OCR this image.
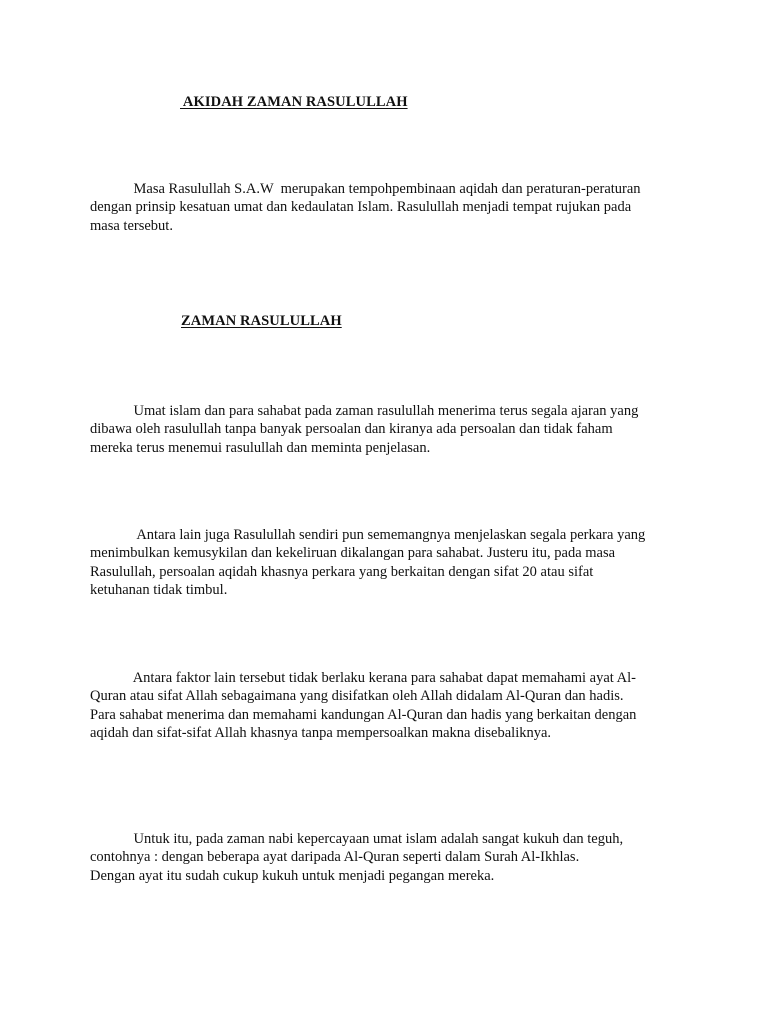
AKIDAH ZAMAN RASULULLAH
Masa Rasulullah S.A.W  merupakan tempohpembinaan aqidah dan peraturan-peraturan
dengan prinsip kesatuan umat dan kedaulatan Islam. Rasulullah menjadi tempat rujukan pada
masa tersebut.
ZAMAN RASULULLAH
Umat islam dan para sahabat pada zaman rasulullah menerima terus segala ajaran yang
dibawa oleh rasulullah tanpa banyak persoalan dan kiranya ada persoalan dan tidak faham
mereka terus menemui rasulullah dan meminta penjelasan.
Antara lain juga Rasulullah sendiri pun sememangnya menjelaskan segala perkara yang
menimbulkan kemusykilan dan kekeliruan dikalangan para sahabat. Justeru itu, pada masa
Rasulullah, persoalan aqidah khasnya perkara yang berkaitan dengan sifat 20 atau sifat
ketuhanan tidak timbul.
Antara faktor lain tersebut tidak berlaku kerana para sahabat dapat memahami ayat Al-
Quran atau sifat Allah sebagaimana yang disifatkan oleh Allah didalam Al-Quran dan hadis.
Para sahabat menerima dan memahami kandungan Al-Quran dan hadis yang berkaitan dengan
aqidah dan sifat-sifat Allah khasnya tanpa mempersoalkan makna disebaliknya.
Untuk itu, pada zaman nabi kepercayaan umat islam adalah sangat kukuh dan teguh,
contohnya : dengan beberapa ayat daripada Al-Quran seperti dalam Surah Al-Ikhlas.
Dengan ayat itu sudah cukup kukuh untuk menjadi pegangan mereka.
